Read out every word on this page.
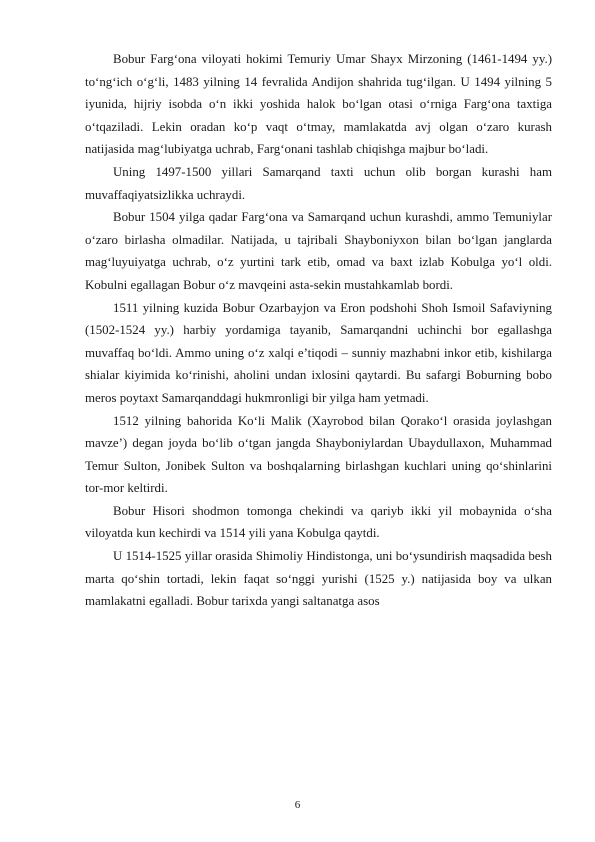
Bobur Farg‘ona viloyati hokimi Temuriy Umar Shayx Mirzoning (1461-1494 yy.) to‘ng‘ich o‘g‘li, 1483 yilning 14 fevralida Andijon shahrida tug‘ilgan. U 1494 yilning 5 iyunida, hijriy isobda o‘n ikki yoshida halok bo‘lgan otasi o‘rniga Farg‘ona taxtiga o‘tqaziladi. Lekin oradan ko‘p vaqt o‘tmay, mamlakatda avj olgan o‘zaro kurash natijasida mag‘lubiyatga uchrab, Farg‘onani tashlab chiqishga majbur bo‘ladi.

Uning 1497-1500 yillari Samarqand taxti uchun olib borgan kurashi ham muvaffaqiyatsizlikka uchraydi.

Bobur 1504 yilga qadar Farg‘ona va Samarqand uchun kurashdi, ammo Temuniylar o‘zaro birlasha olmadilar. Natijada, u tajribali Shayboniyxon bilan bo‘lgan janglarda mag‘luyuiyatga uchrab, o‘z yurtini tark etib, omad va baxt izlab Kobulga yo‘l oldi. Kobulni egallagan Bobur o‘z mavqeini asta-sekin mustahkamlab bordi.

1511 yilning kuzida Bobur Ozarbayjon va Eron podshohi Shoh Ismoil Safaviyning (1502-1524 yy.) harbiy yordamiga tayanib, Samarqandni uchinchi bor egallashga muvaffaq bo‘ldi. Ammo uning o‘z xalqi e’tiqodi – sunniy mazhabni inkor etib, kishilarga shialar kiyimida ko‘rinishi, aholini undan ixlosini qaytardi. Bu safargi Boburning bobo meros poytaxt Samarqanddagi hukmronligi bir yilga ham yetmadi.

1512 yilning bahorida Ko‘li Malik (Xayrobod bilan Qorako‘l orasida joylashgan mavze’) degan joyda bo‘lib o‘tgan jangda Shayboniylardan Ubaydullaxon, Muhammad Temur Sulton, Jonibek Sulton va boshqalarning birlashgan kuchlari uning qo‘shinlarini tor-mor keltirdi.

Bobur Hisori shodmon tomonga chekindi va qariyb ikki yil mobaynida o‘sha viloyatda kun kechirdi va 1514 yili yana Kobulga qaytdi.

U 1514-1525 yillar orasida Shimoliy Hindistonga, uni bo‘ysundirish maqsadida besh marta qo‘shin tortadi, lekin faqat so‘nggi yurishi (1525 y.) natijasida boy va ulkan mamlakatni egalladi. Bobur tarixda yangi saltanatga asos

6
